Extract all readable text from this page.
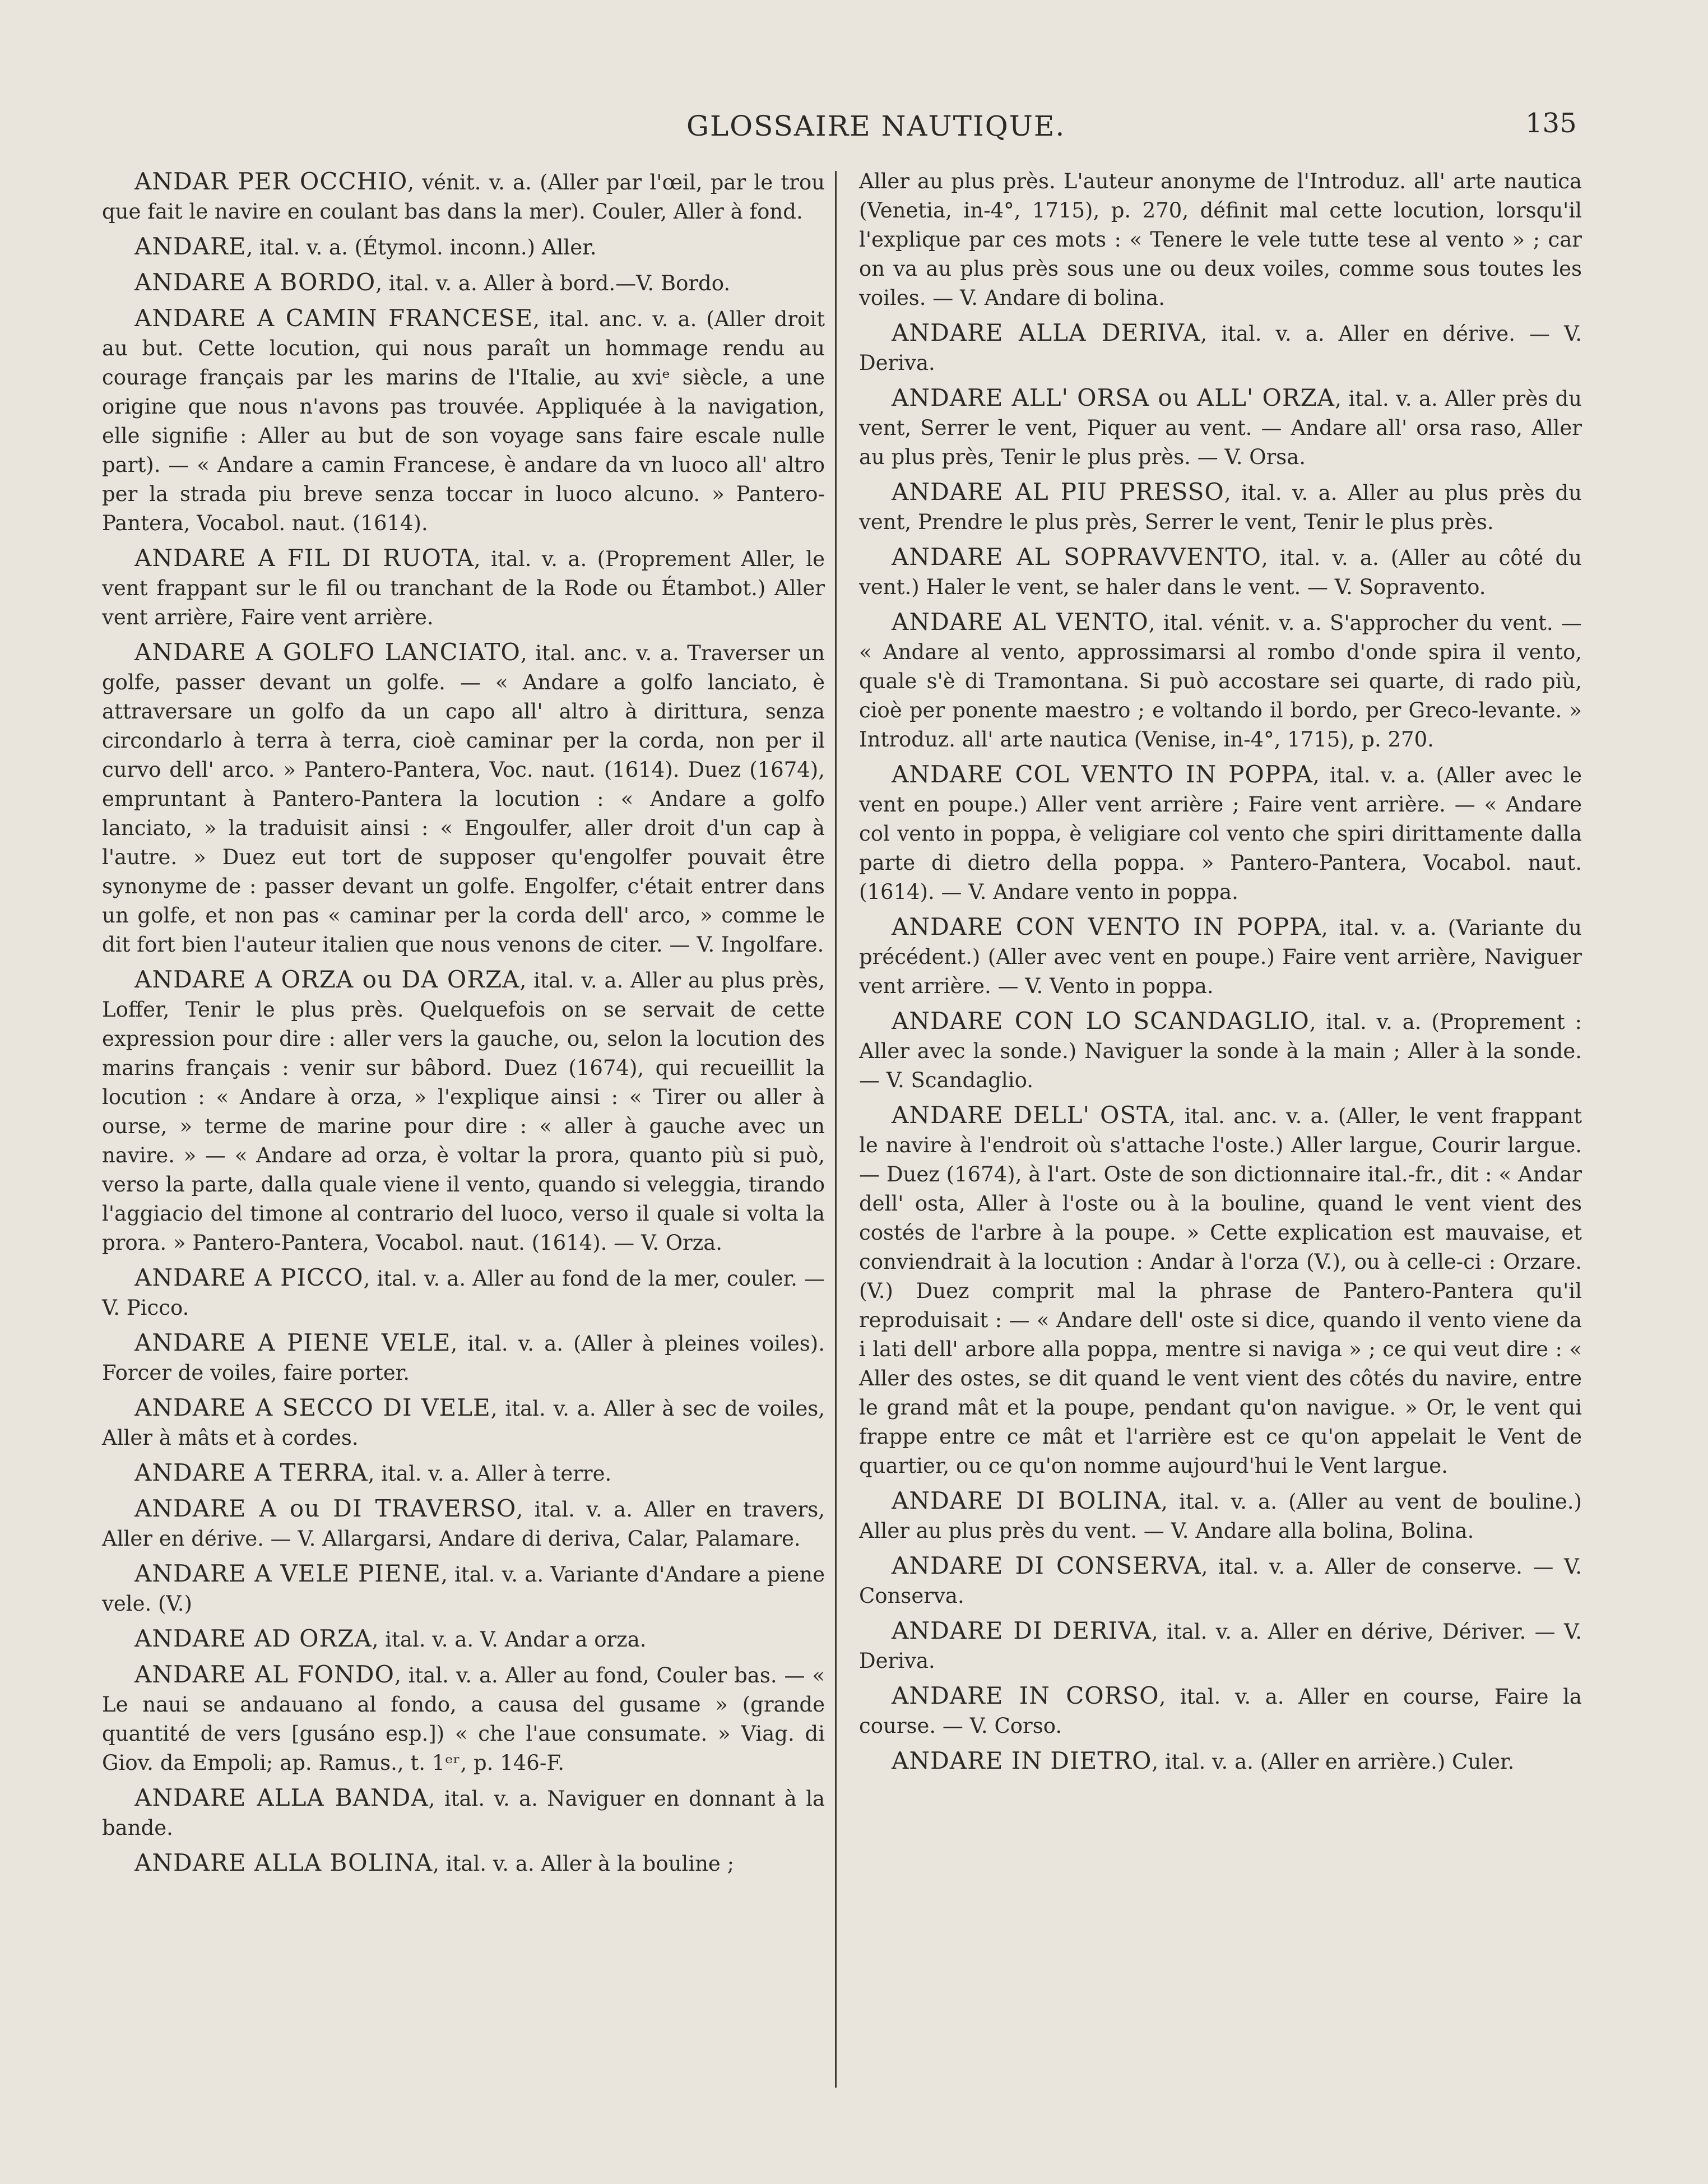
GLOSSAIRE NAUTIQUE.	135

ANDAR PER OCCHIO, vénit. v. a. (Aller par l'œil, par le trou que fait le navire en coulant bas dans la mer). Couler, Aller à fond.

ANDARE, ital. v. a. (Étymol. inconn.) Aller.

ANDARE A BORDO, ital. v. a. Aller à bord.—V. Bordo.

ANDARE A CAMIN FRANCESE, ital. anc. v. a. (Aller droit au but. Cette locution, qui nous paraît un hommage rendu au courage français par les marins de l'Italie, au xviᵉ siècle, a une origine que nous n'avons pas trouvée. Appliquée à la navigation, elle signifie : Aller au but de son voyage sans faire escale nulle part). — « Andare a camin Francese, è andare da vn luoco all' altro per la strada piu breve senza toccar in luoco alcuno. » Pantero-Pantera, Vocabol. naut. (1614).

ANDARE A FIL DI RUOTA, ital. v. a. (Proprement Aller, le vent frappant sur le fil ou tranchant de la Rode ou Étambot.) Aller vent arrière, Faire vent arrière.

ANDARE A GOLFO LANCIATO, ital. anc. v. a. Traverser un golfe, passer devant un golfe. — « Andare a golfo lanciato, è attraversare un golfo da un capo all' altro à dirittura, senza circondarlo à terra à terra, cioè caminar per la corda, non per il curvo dell' arco. » Pantero-Pantera, Voc. naut. (1614). Duez (1674), empruntant à Pantero-Pantera la locution : « Andare a golfo lanciato, » la traduisit ainsi : « Engoulfer, aller droit d'un cap à l'autre. » Duez eut tort de supposer qu'engolfer pouvait être synonyme de : passer devant un golfe. Engolfer, c'était entrer dans un golfe, et non pas « caminar per la corda dell' arco, » comme le dit fort bien l'auteur italien que nous venons de citer. — V. Ingolfare.

ANDARE A ORZA ou DA ORZA, ital. v. a. Aller au plus près, Loffer, Tenir le plus près. Quelquefois on se servait de cette expression pour dire : aller vers la gauche, ou, selon la locution des marins français : venir sur bâbord. Duez (1674), qui recueillit la locution : « Andare à orza, » l'explique ainsi : « Tirer ou aller à ourse, » terme de marine pour dire : « aller à gauche avec un navire. » — « Andare ad orza, è voltar la prora, quanto più si può, verso la parte, dalla quale viene il vento, quando si veleggia, tirando l'aggiacio del timone al contrario del luoco, verso il quale si volta la prora. » Pantero-Pantera, Vocabol. naut. (1614). — V. Orza.

ANDARE A PICCO, ital. v. a. Aller au fond de la mer, couler. — V. Picco.

ANDARE A PIENE VELE, ital. v. a. (Aller à pleines voiles). Forcer de voiles, faire porter.

ANDARE A SECCO DI VELE, ital. v. a. Aller à sec de voiles, Aller à mâts et à cordes.

ANDARE A TERRA, ital. v. a. Aller à terre.

ANDARE A ou DI TRAVERSO, ital. v. a. Aller en travers, Aller en dérive. — V. Allargarsi, Andare di deriva, Calar, Palamare.

ANDARE A VELE PIENE, ital. v. a. Variante d'Andare a piene vele. (V.)

ANDARE AD ORZA, ital. v. a. V. Andar a orza.

ANDARE AL FONDO, ital. v. a. Aller au fond, Couler bas. — « Le naui se andauano al fondo, a causa del gusame » (grande quantité de vers [gusáno esp.]) « che l'aue consumate. » Viag. di Giov. da Empoli; ap. Ramus., t. 1ᵉʳ, p. 146-F.

ANDARE ALLA BANDA, ital. v. a. Naviguer en donnant à la bande.

ANDARE ALLA BOLINA, ital. v. a. Aller à la bouline ;

Aller au plus près. L'auteur anonyme de l'Introduz. all' arte nautica (Venetia, in-4°, 1715), p. 270, définit mal cette locution, lorsqu'il l'explique par ces mots : « Tenere le vele tutte tese al vento » ; car on va au plus près sous une ou deux voiles, comme sous toutes les voiles. — V. Andare di bolina.

ANDARE ALLA DERIVA, ital. v. a. Aller en dérive. — V. Deriva.

ANDARE ALL' ORSA ou ALL' ORZA, ital. v. a. Aller près du vent, Serrer le vent, Piquer au vent. — Andare all' orsa raso, Aller au plus près, Tenir le plus près. — V. Orsa.

ANDARE AL PIU PRESSO, ital. v. a. Aller au plus près du vent, Prendre le plus près, Serrer le vent, Tenir le plus près.

ANDARE AL SOPRAVVENTO, ital. v. a. (Aller au côté du vent.) Haler le vent, se haler dans le vent. — V. Sopravento.

ANDARE AL VENTO, ital. vénit. v. a. S'approcher du vent. — « Andare al vento, approssimarsi al rombo d'onde spira il vento, quale s'è di Tramontana. Si può accostare sei quarte, di rado più, cioè per ponente maestro ; e voltando il bordo, per Greco-levante. » Introduz. all' arte nautica (Venise, in-4°, 1715), p. 270.

ANDARE COL VENTO IN POPPA, ital. v. a. (Aller avec le vent en poupe.) Aller vent arrière ; Faire vent arrière. — « Andare col vento in poppa, è veligiare col vento che spiri dirittamente dalla parte di dietro della poppa. » Pantero-Pantera, Vocabol. naut. (1614). — V. Andare vento in poppa.

ANDARE CON VENTO IN POPPA, ital. v. a. (Variante du précédent.) (Aller avec vent en poupe.) Faire vent arrière, Naviguer vent arrière. — V. Vento in poppa.

ANDARE CON LO SCANDAGLIO, ital. v. a. (Proprement : Aller avec la sonde.) Naviguer la sonde à la main ; Aller à la sonde. — V. Scandaglio.

ANDARE DELL' OSTA, ital. anc. v. a. (Aller, le vent frappant le navire à l'endroit où s'attache l'oste.) Aller largue, Courir largue. — Duez (1674), à l'art. Oste de son dictionnaire ital.-fr., dit : « Andar dell' osta, Aller à l'oste ou à la bouline, quand le vent vient des costés de l'arbre à la poupe. » Cette explication est mauvaise, et conviendrait à la locution : Andar à l'orza (V.), ou à celle-ci : Orzare. (V.) Duez comprit mal la phrase de Pantero-Pantera qu'il reproduisait : — « Andare dell' oste si dice, quando il vento viene da i lati dell' arbore alla poppa, mentre si naviga » ; ce qui veut dire : « Aller des ostes, se dit quand le vent vient des côtés du navire, entre le grand mât et la poupe, pendant qu'on navigue. » Or, le vent qui frappe entre ce mât et l'arrière est ce qu'on appelait le Vent de quartier, ou ce qu'on nomme aujourd'hui le Vent largue.

ANDARE DI BOLINA, ital. v. a. (Aller au vent de bouline.) Aller au plus près du vent. — V. Andare alla bolina, Bolina.

ANDARE DI CONSERVA, ital. v. a. Aller de conserve. — V. Conserva.

ANDARE DI DERIVA, ital. v. a. Aller en dérive, Dériver. — V. Deriva.

ANDARE IN CORSO, ital. v. a. Aller en course, Faire la course. — V. Corso.

ANDARE IN DIETRO, ital. v. a. (Aller en arrière.) Culer.
